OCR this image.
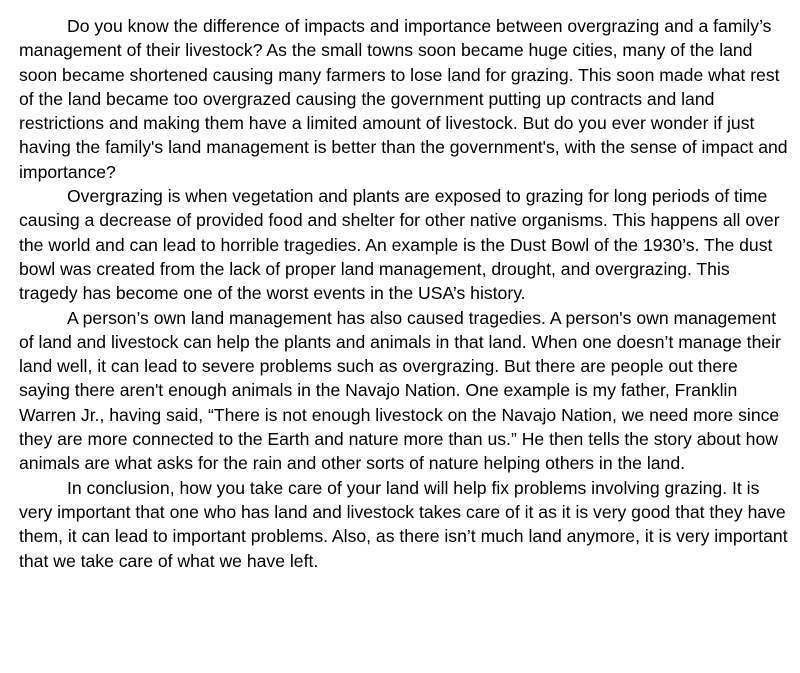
Do you know the difference of impacts and importance between overgrazing and a family’s management of their livestock? As the small towns soon became huge cities, many of the land soon became shortened causing many farmers to lose land for grazing. This soon made what rest of the land became too overgrazed causing the government putting up contracts and land restrictions and making them have a limited amount of livestock. But do you ever wonder if just having the family's land management is better than the government's, with the sense of impact and importance?

Overgrazing is when vegetation and plants are exposed to grazing for long periods of time causing a decrease of provided food and shelter for other native organisms. This happens all over the world and can lead to horrible tragedies. An example is the Dust Bowl of the 1930’s. The dust bowl was created from the lack of proper land management, drought, and overgrazing. This tragedy has become one of the worst events in the USA’s history.

A person’s own land management has also caused tragedies. A person's own management of land and livestock can help the plants and animals in that land. When one doesn’t manage their land well, it can lead to severe problems such as overgrazing. But there are people out there saying there aren't enough animals in the Navajo Nation. One example is my father, Franklin Warren Jr., having said, “There is not enough livestock on the Navajo Nation, we need more since they are more connected to the Earth and nature more than us.” He then tells the story about how animals are what asks for the rain and other sorts of nature helping others in the land.

In conclusion, how you take care of your land will help fix problems involving grazing. It is very important that one who has land and livestock takes care of it as it is very good that they have them, it can lead to important problems. Also, as there isn’t much land anymore, it is very important that we take care of what we have left.
